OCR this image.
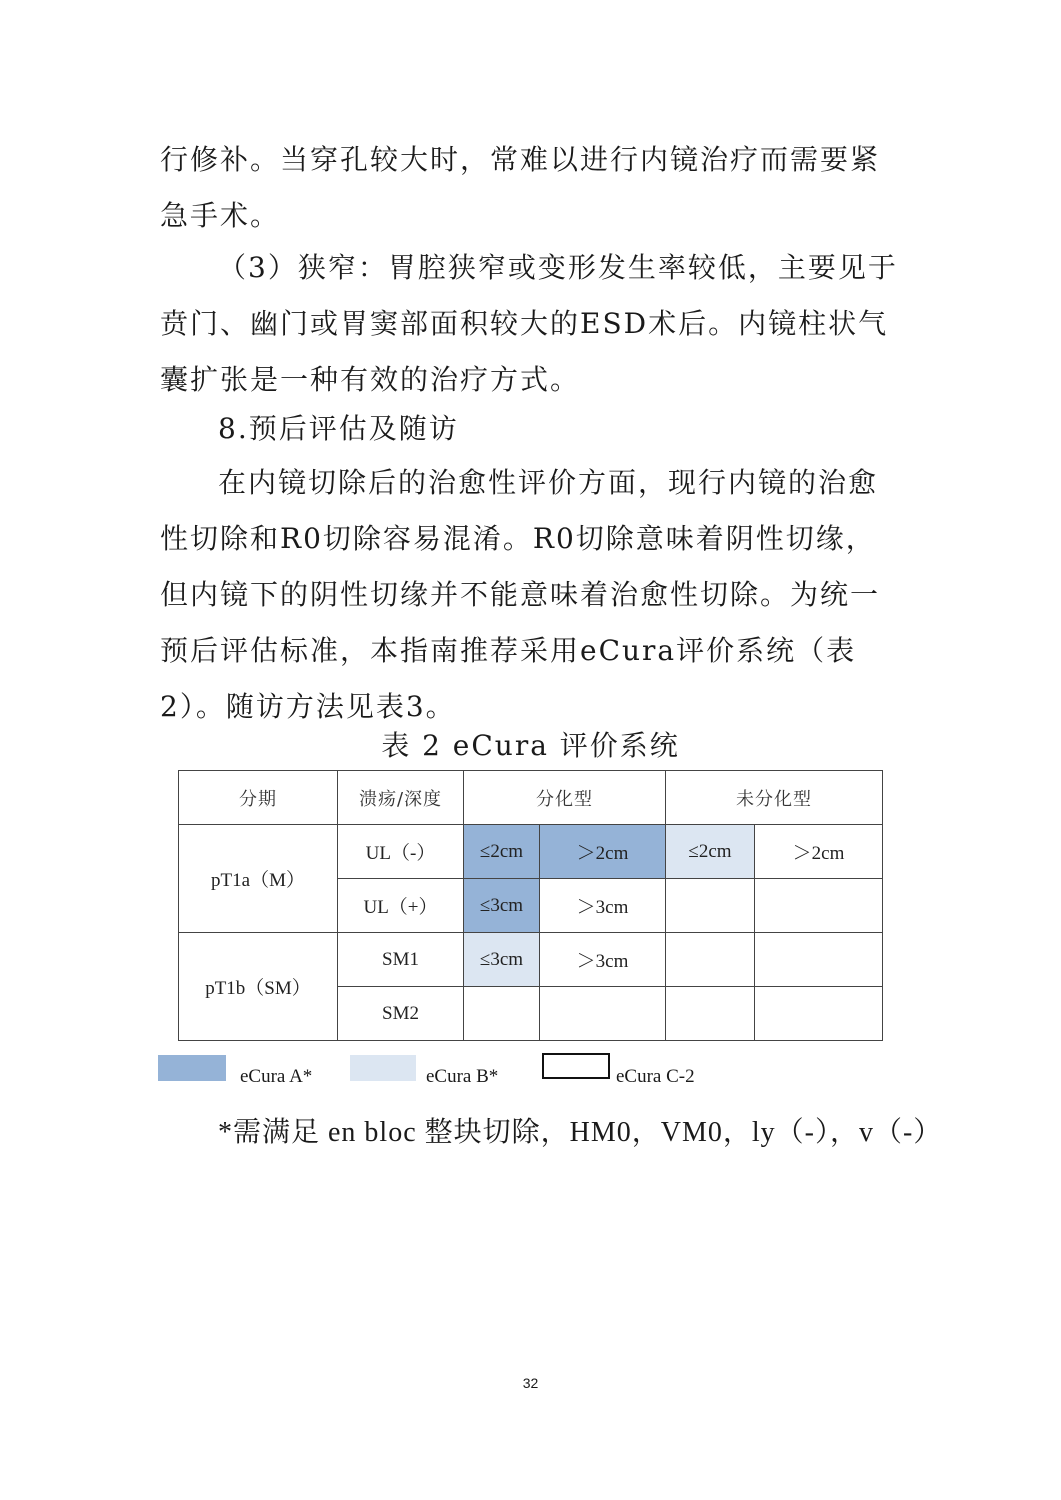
行修补。当穿孔较大时，常难以进行内镜治疗而需要紧急手术。

（3）狭窄：胃腔狭窄或变形发生率较低，主要见于贲门、幽门或胃窦部面积较大的ESD术后。内镜柱状气囊扩张是一种有效的治疗方式。

8.预后评估及随访

在内镜切除后的治愈性评价方面，现行内镜的治愈性切除和R0切除容易混淆。R0切除意味着阴性切缘，但内镜下的阴性切缘并不能意味着治愈性切除。为统一预后评估标准，本指南推荐采用eCura评价系统（表2）。随访方法见表3。

表 2 eCura 评价系统
分期	溃疡/深度	分化型		未分化型	
pT1a（M）	UL（-）	≤2cm	＞2cm	≤2cm	＞2cm
	UL（+）	≤3cm	＞3cm		
pT1b（SM）	SM1	≤3cm	＞3cm		
	SM2				
eCura A*	eCura B*	eCura C-2
*需满足 en bloc 整块切除，HM0，VM0，ly（-），v（-）
32
